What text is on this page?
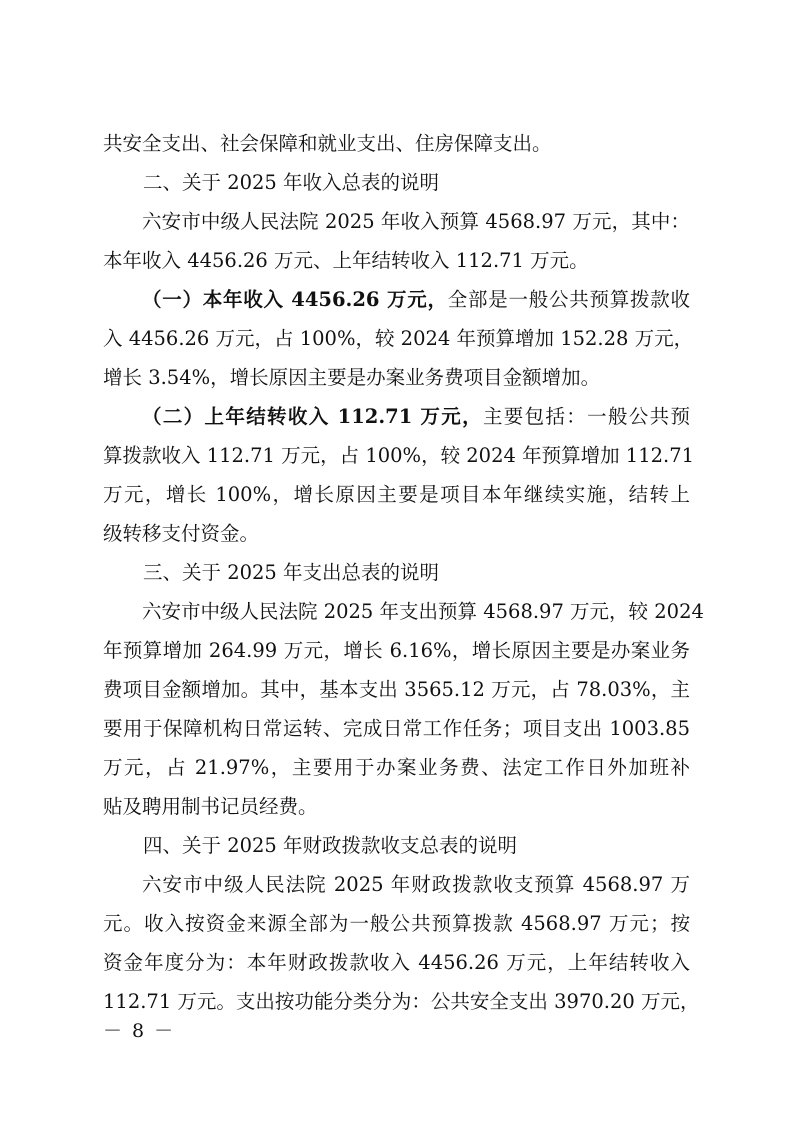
共安全支出、社会保障和就业支出、住房保障支出。
二、关于 2025 年收入总表的说明
六安市中级人民法院 2025 年收入预算 4568.97 万元，其中：
本年收入 4456.26 万元、上年结转收入 112.71 万元。
（一）本年收入 4456.26 万元，全部是一般公共预算拨款收
入 4456.26 万元，占 100%，较 2024 年预算增加 152.28 万元，
增长 3.54%，增长原因主要是办案业务费项目金额增加。
（二）上年结转收入 112.71 万元，主要包括：一般公共预
算拨款收入 112.71 万元，占 100%，较 2024 年预算增加 112.71
万元，增长 100%，增长原因主要是项目本年继续实施，结转上
级转移支付资金。
三、关于 2025 年支出总表的说明
六安市中级人民法院 2025 年支出预算 4568.97 万元，较 2024
年预算增加 264.99 万元，增长 6.16%，增长原因主要是办案业务
费项目金额增加。其中，基本支出 3565.12 万元，占 78.03%，主
要用于保障机构日常运转、完成日常工作任务；项目支出 1003.85
万元，占 21.97%，主要用于办案业务费、法定工作日外加班补
贴及聘用制书记员经费。
四、关于 2025 年财政拨款收支总表的说明
六安市中级人民法院 2025 年财政拨款收支预算 4568.97 万
元。收入按资金来源全部为一般公共预算拨款 4568.97 万元；按
资金年度分为：本年财政拨款收入 4456.26 万元，上年结转收入
112.71 万元。支出按功能分类分为：公共安全支出 3970.20 万元，
－ 8 －
